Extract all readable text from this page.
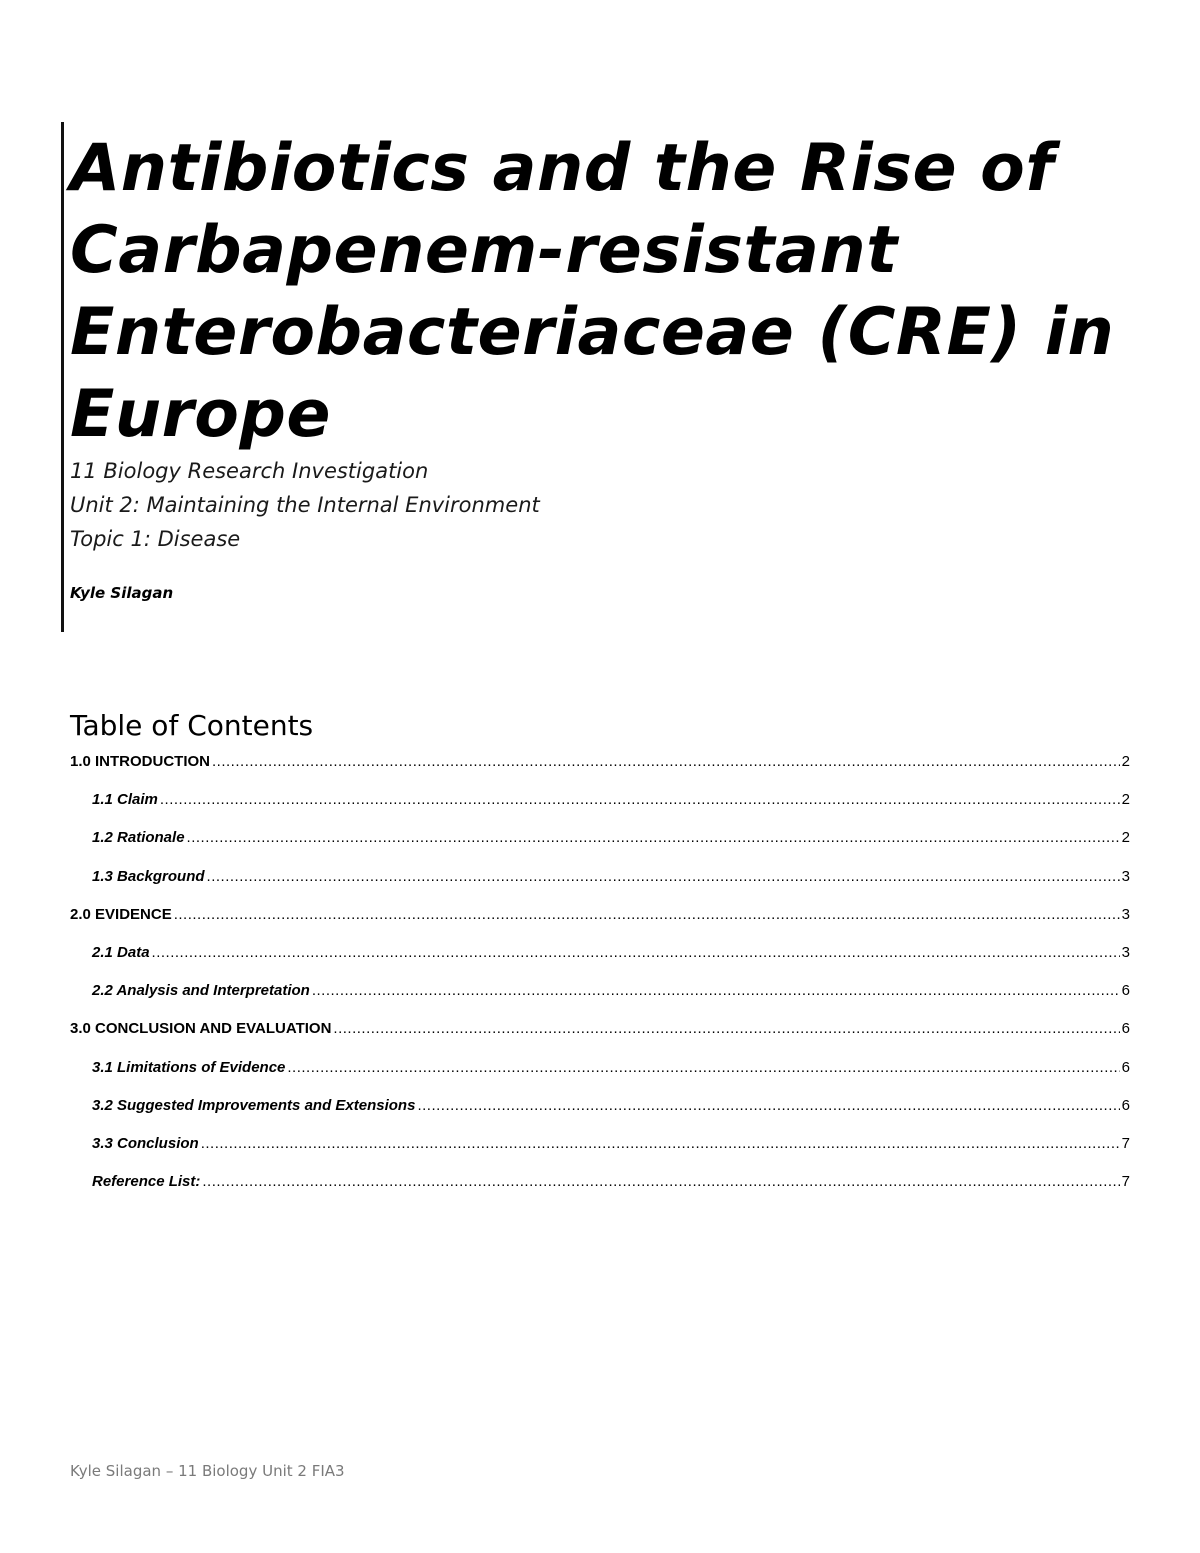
Antibiotics and the Rise of Carbapenem-resistant Enterobacteriaceae (CRE) in Europe
11 Biology Research Investigation
Unit 2: Maintaining the Internal Environment
Topic 1: Disease
Kyle Silagan
Table of Contents
1.0 INTRODUCTION .....	2
1.1 Claim .....	2
1.2 Rationale .....	2
1.3 Background .....	3
2.0 EVIDENCE .....	3
2.1 Data .....	3
2.2 Analysis and Interpretation .....	6
3.0 CONCLUSION AND EVALUATION .....	6
3.1 Limitations of Evidence .....	6
3.2 Suggested Improvements and Extensions .....	6
3.3 Conclusion .....	7
Reference List: .....	7
Kyle Silagan – 11 Biology Unit 2 FIA3
